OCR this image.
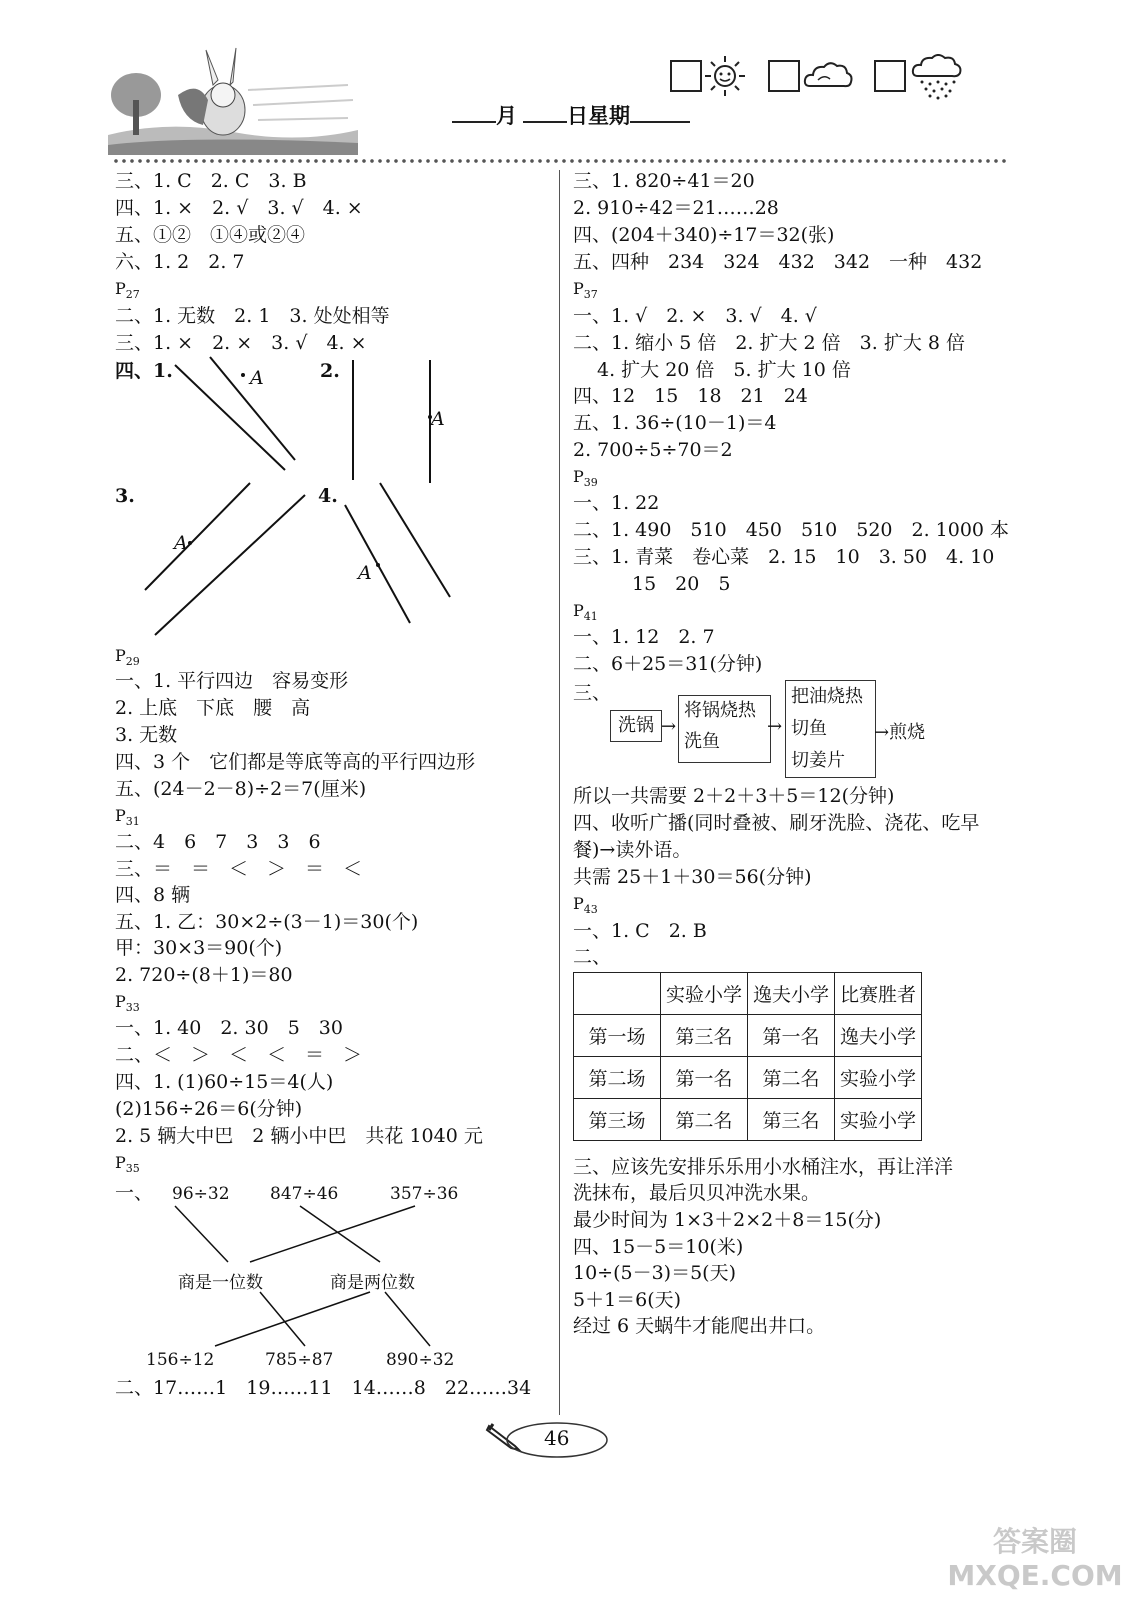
月 日星期
三、1. C　2. C　3. B
四、1. ×　2. √　3. √　4. ×
五、①②　①④或②④
六、1. 2　2. 7
$P_{27}$
二、1. 无数　2. 1　3. 处处相等
三、1. ×　2. ×　3. √　4. ×
四、1.	2.
3.	4.
A
A
A
A
$P_{29}$
一、1. 平行四边　容易变形
2. 上底　下底　腰　高
3. 无数
四、3 个　它们都是等底等高的平行四边形
五、(24－2－8)÷2＝7(厘米)
$P_{31}$
二、4　6　7　3　3　6
三、＝　＝　＜　＞　＝　＜
四、8 辆
五、1. 乙：30×2÷(3－1)＝30(个)
甲：30×3＝90(个)
2. 720÷(8＋1)＝80
$P_{33}$
一、1. 40　2. 30　5　30
二、＜　＞　＜　＜　＝　＞
四、1. (1)60÷15＝4(人)
(2)156÷26＝6(分钟)
2. 5 辆大中巴　2 辆小中巴　共花 1040 元
$P_{35}$
一、 96÷32 847÷46	357÷36
商是一位数	商是两位数
156÷12	785÷87	890÷32
二、17……1　19……11　14……8　22……34
三、1. 820÷41＝20
2. 910÷42＝21……28
四、(204＋340)÷17＝32(张)
五、四种　234　324　432　342　一种　432
$P_{37}$
一、1. √　2. ×　3. √　4. √
二、1. 缩小 5 倍　2. 扩大 2 倍　3. 扩大 8 倍
4. 扩大 20 倍　5. 扩大 10 倍
四、12　15　18　21　24
五、1. 36÷(10－1)＝4
2. 700÷5÷70＝2
$P_{39}$
一、1. 22
二、1. 490　510　450　510　520　2. 1000 本
三、1. 青菜　卷心菜　2. 15　10　3. 50　4. 10
15　20　5
$P_{41}$
一、1. 12　2. 7
二、6＋25＝31(分钟)
三、
洗锅 →
将锅烧热
洗鱼
→
把油烧热
切鱼
切姜片
→煎烧
所以一共需要 2＋2＋3＋5＝12(分钟)
四、收听广播(同时叠被、刷牙洗脸、浇花、吃早
餐)→读外语。
共需 25＋1＋30＝56(分钟)
$P_{43}$
一、1. C　2. B
二、
	实验小学	逸夫小学	比赛胜者
第一场	第三名	第一名	逸夫小学
第二场	第一名	第二名	实验小学
第三场	第二名	第三名	实验小学
三、应该先安排乐乐用小水桶注水，再让洋洋
洗抹布，最后贝贝冲洗水果。
最少时间为 1×3＋2×2＋8＝15(分)
四、15－5＝10(米)
10÷(5－3)＝5(天)
5＋1＝6(天)
经过 6 天蜗牛才能爬出井口。
46
答案圈 MXQE.COM
